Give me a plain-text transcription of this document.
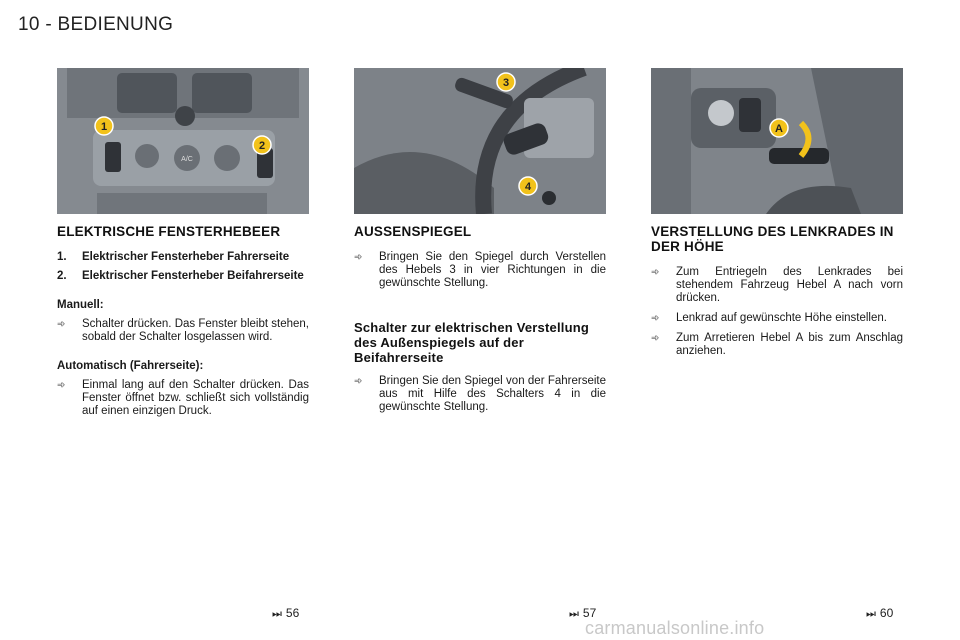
10 - BEDIENUNG
A/C
1
2
ELEKTRISCHE FENSTERHEBEER
1.	Elektrischer Fensterheber Fahrerseite
2.	Elektrischer Fensterheber Beifahrerseite
Manuell:
➾	Schalter drücken. Das Fenster bleibt stehen, sobald der Schalter losgelassen wird.
Automatisch (Fahrerseite):
➾	Einmal lang auf den Schalter drücken. Das Fenster öffnet bzw. schließt sich vollständig auf einen einzigen Druck.
3
4
AUSSENSPIEGEL
➾	Bringen Sie den Spiegel durch Verstellen des Hebels 3 in vier Richtungen in die gewünschte Stellung.
Schalter zur elektrischen Verstellung des Außenspiegels auf der Beifahrerseite
➾	Bringen Sie den Spiegel von der Fahrerseite aus mit Hilfe des Schalters 4 in die gewünschte Stellung.
A
VERSTELLUNG DES LENKRADES IN DER HÖHE
➾	Zum Entriegeln des Lenkrades bei stehendem Fahrzeug Hebel A nach vorn drücken.
➾	Lenkrad auf gewünschte Höhe einstellen.
➾	Zum Arretieren Hebel A bis zum Anschlag anziehen.
⏭ 56	⏭ 57	⏭ 60
carmanualsonline.info
